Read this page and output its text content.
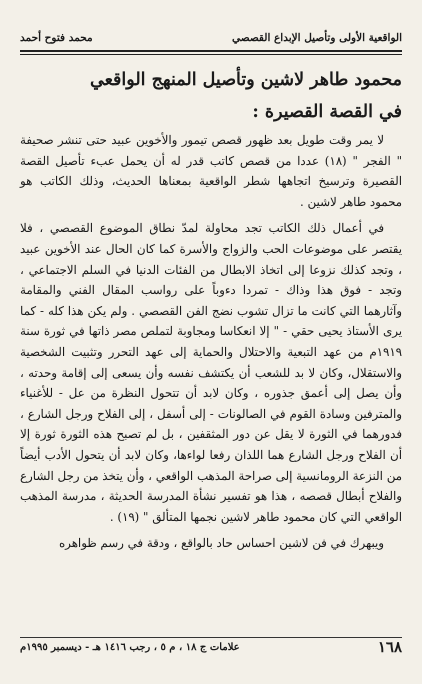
الواقعية الأولى وتأصيل الإبداع القصصي
محمد فتوح أحمد
محمود طاهر لاشين وتأصيل المنهج الواقعي
في القصة القصيرة :

لا يمر وقت طويل بعد ظهور قصص تيمور والأخوين عبيد حتى تنشر صحيفة " الفجر " (١٨) عددا من قصص كاتب قدر له أن يحمل عبء تأصيل القصة القصيرة وترسيخ اتجاهها شطر الواقعية بمعناها الحديث، وذلك الكاتب هو محمود طاهر لاشين .

في أعمال ذلك الكاتب تجد محاولة لمدّ نطاق الموضوع القصصي ، فلا يقتصر على موضوعات الحب والزواج والأسرة كما كان الحال عند الأخوين عبيد ، وتجد كذلك نزوعا إلى اتخاذ الابطال من الفئات الدنيا في السلم الاجتماعي ، وتجد - فوق هذا وذاك - تمردا دءوباً على رواسب المقال الفني والمقامة وآثارهما التي كانت ما تزال تشوب نضج الفن القصصي . ولم يكن هذا كله - كما يرى الأستاذ يحيى حقي - " إلا انعكاسا ومجاوبة لتملص مصر ذاتها في ثورة سنة ١٩١٩م من عهد التبعية والاحتلال والحماية إلى عهد التحرر وتثبيت الشخصية والاستقلال، وكان لا بد للشعب أن يكتشف نفسه وأن يسعى إلى إقامة وحدته ، وأن يصل إلى أعمق جذوره ، وكان لابد أن تتحول النظرة من عل - للأغنياء والمترفين وسادة القوم في الصالونات - إلى أسفل ، إلى الفلاح ورجل الشارع ، فدورهما في الثورة لا يقل عن دور المثقفين ، بل لم تصبح هذه الثورة ثورة إلا أن الفلاح ورجل الشارع هما اللذان رفعا لواءها، وكان لابد أن يتحول الأدب أيضاً من النزعة الرومانسية إلى صراحة المذهب الواقعي ، وأن يتخذ من رجل الشارع والفلاح أبطال قصصه ، هذا هو تفسير نشأة المدرسة الحديثة ، مدرسة المذهب الواقعي التي كان محمود طاهر لاشين نجمها المتألق " (١٩) .

ويبهرك في فن لاشين احساس حاد بالواقع ، ودقة في رسم ظواهره

١٦٨
علامات ج ١٨ ، م ٥ ، رجب ١٤١٦ هـ - ديسمبر ١٩٩٥م
